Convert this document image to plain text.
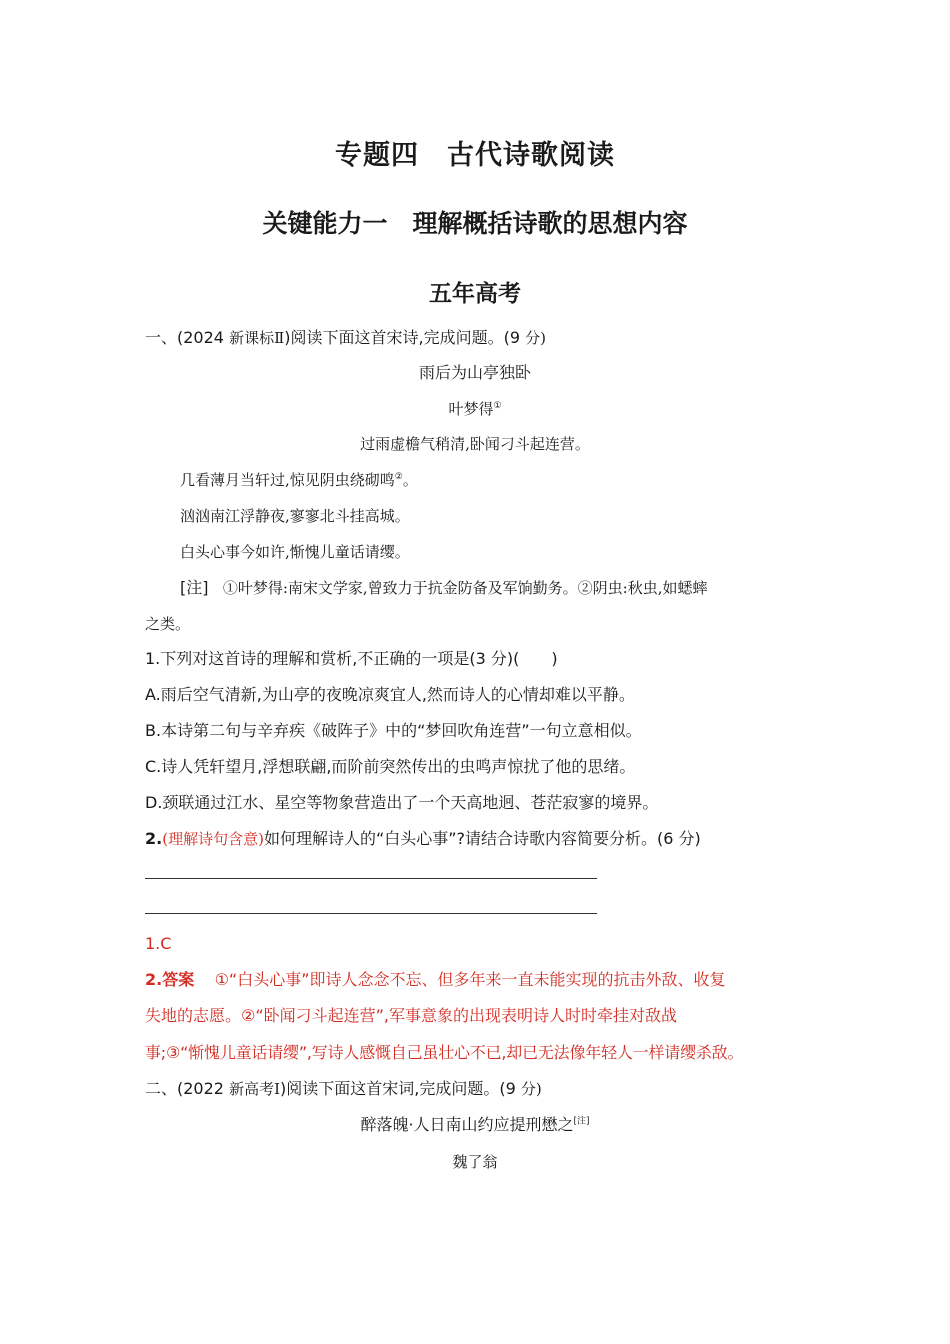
专题四　古代诗歌阅读
关键能力一　理解概括诗歌的思想内容
五年高考
一、(2024 新课标Ⅱ)阅读下面这首宋诗,完成问题。(9 分)
雨后为山亭独卧
叶梦得①
过雨虚檐气稍清,卧闻刁斗起连营。
几看薄月当轩过,惊见阴虫绕砌鸣②。
汹汹南江浮静夜,寥寥北斗挂高城。
白头心事今如许,惭愧儿童话请缨。
[注] ①叶梦得:南宋文学家,曾致力于抗金防备及军饷勤务。②阴虫:秋虫,如蟋蟀
之类。
1.下列对这首诗的理解和赏析,不正确的一项是(3 分)(　　)
A.雨后空气清新,为山亭的夜晚凉爽宜人,然而诗人的心情却难以平静。
B.本诗第二句与辛弃疾《破阵子》中的“梦回吹角连营”一句立意相似。
C.诗人凭轩望月,浮想联翩,而阶前突然传出的虫鸣声惊扰了他的思绪。
D.颈联通过江水、星空等物象营造出了一个天高地迥、苍茫寂寥的境界。
2.(理解诗句含意)如何理解诗人的“白头心事”?请结合诗歌内容简要分析。(6 分)
1.C
2.答案 ①“白头心事”即诗人念念不忘、但多年来一直未能实现的抗击外敌、收复
失地的志愿。②“卧闻刁斗起连营”,军事意象的出现表明诗人时时牵挂对敌战
事;③“惭愧儿童话请缨”,写诗人感慨自己虽壮心不已,却已无法像年轻人一样请缨杀敌。
二、(2022 新高考Ⅰ)阅读下面这首宋词,完成问题。(9 分)
醉落魄·人日南山约应提刑懋之[注]
魏了翁
